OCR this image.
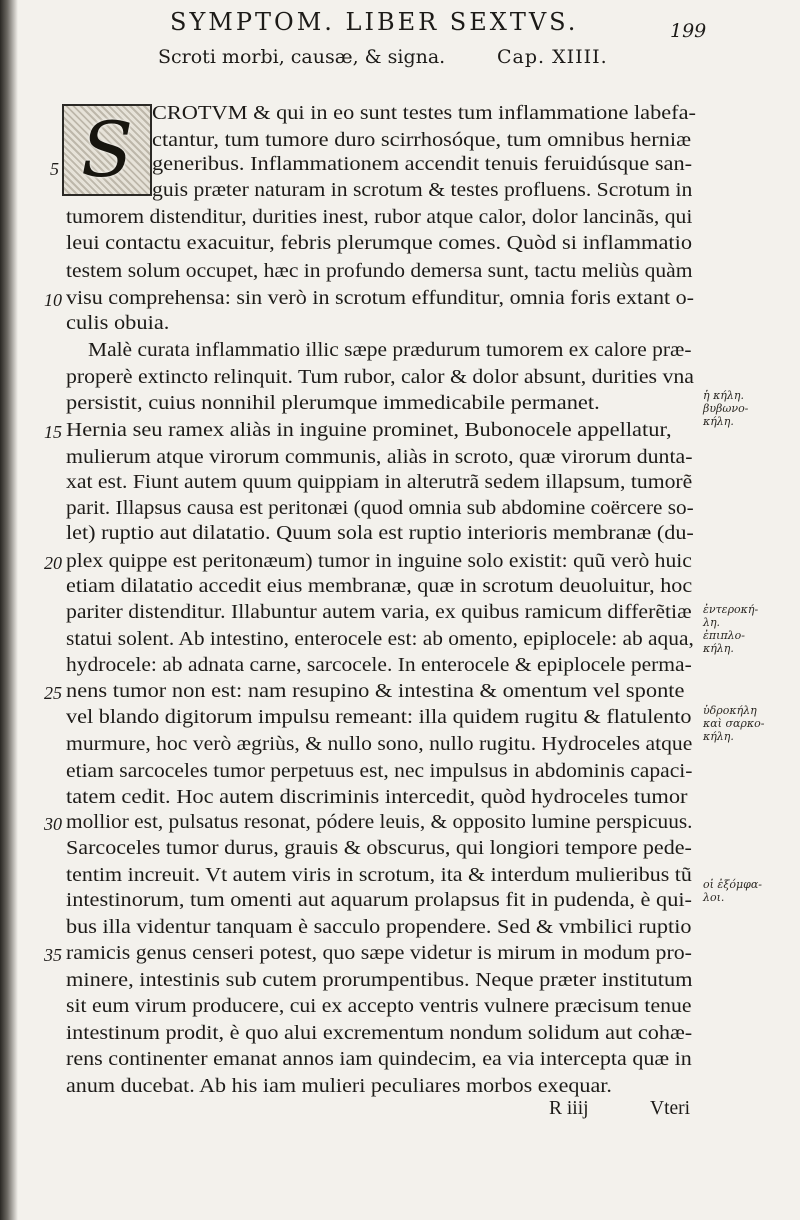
SYMPTOM. LIBER SEXTVS.	199
Scroti morbi, causæ, & signa.	Cap. XIIII.
S CROTVM & qui in eo sunt testes tum inflammatione labefa-
ctantur, tum tumore duro scirrhosóque, tum omnibus herniæ
generibus. Inflammationem accendit tenuis feruidúsque san-
guis præter naturam in scrotum & testes profluens. Scrotum in
tumorem distenditur, durities inest, rubor atque calor, dolor lancinãs, qui
leui contactu exacuitur, febris plerumque comes. Quòd si inflammatio
testem solum occupet, hæc in profundo demersa sunt, tactu meliùs quàm
visu comprehensa: sin verò in scrotum effunditur, omnia foris extant o-
culis obuia.
Malè curata inflammatio illic sæpe prædurum tumorem ex calore præ-
properè extincto relinquit. Tum rubor, calor & dolor absunt, durities vna
persistit, cuius nonnihil plerumque immedicabile permanet.
Hernia seu ramex aliàs in inguine prominet, Bubonocele appellatur,
mulierum atque virorum communis, aliàs in scroto, quæ virorum dunta-
xat est. Fiunt autem quum quippiam in alterutrã sedem illapsum, tumorẽ
parit. Illapsus causa est peritonæi (quod omnia sub abdomine coërcere so-
let) ruptio aut dilatatio. Quum sola est ruptio interioris membranæ (du-
plex quippe est peritonæum) tumor in inguine solo existit: quũ verò huic
etiam dilatatio accedit eius membranæ, quæ in scrotum deuoluitur, hoc
pariter distenditur. Illabuntur autem varia, ex quibus ramicum differẽtiæ
statui solent. Ab intestino, enterocele est: ab omento, epiplocele: ab aqua,
hydrocele: ab adnata carne, sarcocele. In enterocele & epiplocele perma-
nens tumor non est: nam resupino & intestina & omentum vel sponte
vel blando digitorum impulsu remeant: illa quidem rugitu & flatulento
murmure, hoc verò ægriùs, & nullo sono, nullo rugitu. Hydroceles atque
etiam sarcoceles tumor perpetuus est, nec impulsus in abdominis capaci-
tatem cedit. Hoc autem discriminis intercedit, quòd hydroceles tumor
mollior est, pulsatus resonat, pódere leuis, & opposito lumine perspicuus.
Sarcoceles tumor durus, grauis & obscurus, qui longiori tempore pede-
tentim increuit. Vt autem viris in scrotum, ita & interdum mulieribus tũ
intestinorum, tum omenti aut aquarum prolapsus fit in pudenda, è qui-
bus illa videntur tanquam è sacculo propendere. Sed & vmbilici ruptio
ramicis genus censeri potest, quo sæpe videtur is mirum in modum pro-
minere, intestinis sub cutem prorumpentibus. Neque præter institutum
sit eum virum producere, cui ex accepto ventris vulnere præcisum tenue
intestinum prodit, è quo alui excrementum nondum solidum aut cohæ-
rens continenter emanat annos iam quindecim, ea via intercepta quæ in
anum ducebat. Ab his iam mulieri peculiares morbos exequar.
5
10
15
20
25
30
35
ἡ κήλη.
βυβωνο-
κήλη.
ἐντεροκή-
λη.
ἐπιπλο-
κήλη.
ὑδροκήλη
καὶ σαρκο-
κήλη.
οἱ ἐξόμφα-
λοι.
R iiij	Vteri
